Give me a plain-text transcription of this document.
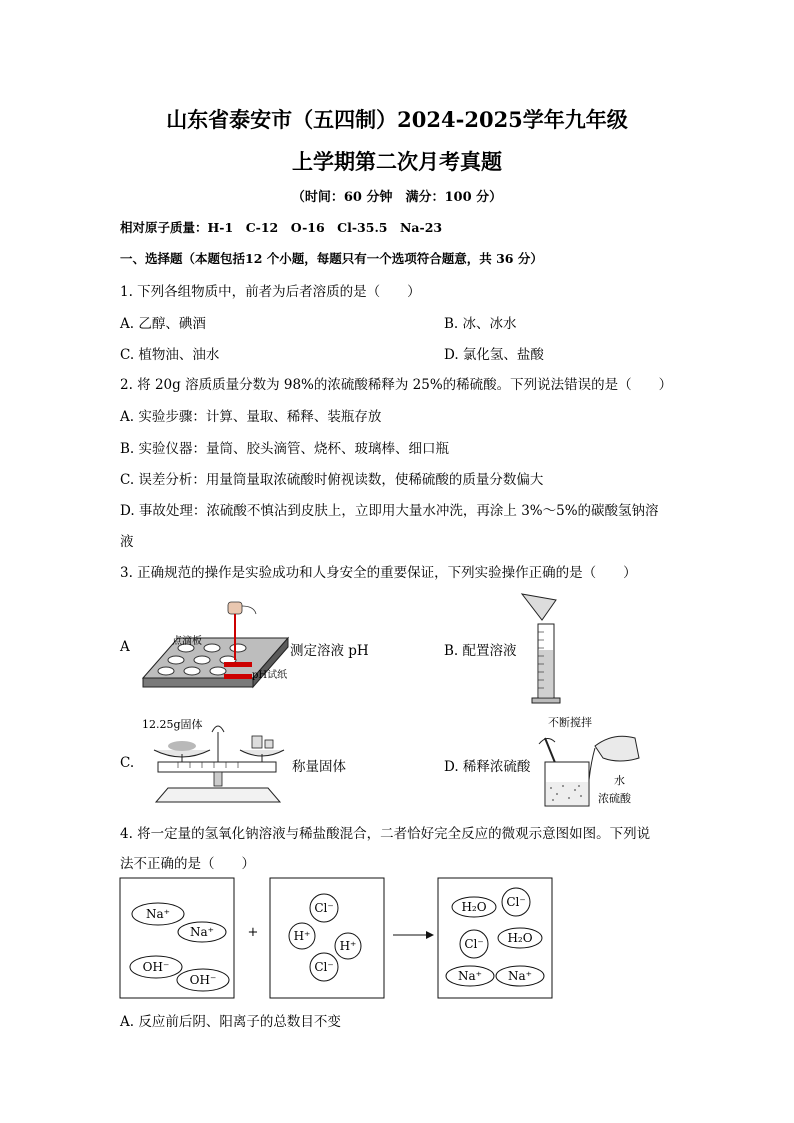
山东省泰安市（五四制）2024-2025学年九年级
上学期第二次月考真题
（时间：60 分钟　满分：100 分）
相对原子质量：H-1　C-12　O-16　Cl-35.5　Na-23
一、选择题（本题包括12 个小题，每题只有一个选项符合题意，共 36 分）
1. 下列各组物质中，前者为后者溶质的是（　　）
A. 乙醇、碘酒	B. 冰、冰水
C. 植物油、油水	D. 氯化氢、盐酸
2. 将 20g 溶质质量分数为 98%的浓硫酸稀释为 25%的稀硫酸。下列说法错误的是（　　）
A. 实验步骤：计算、量取、稀释、装瓶存放
B. 实验仪器：量筒、胶头滴管、烧杯、玻璃棒、细口瓶
C. 误差分析：用量筒量取浓硫酸时俯视读数，使稀硫酸的质量分数偏大
D. 事故处理：浓硫酸不慎沾到皮肤上，立即用大量水冲洗，再涂上 3%～5%的碳酸氢钠溶
液
3. 正确规范的操作是实验成功和人身安全的重要保证，下列实验操作正确的是（　　）
A	点滴板
pH试纸
测定溶液 pH	B. 配置溶液
C.
12.25g固体
称量固体	D. 稀释浓硫酸
不断搅拌
水
浓硫酸
4. 将一定量的氢氧化钠溶液与稀盐酸混合，二者恰好完全反应的微观示意图如图。下列说
法不正确的是（　　）
Na⁺
Na⁺
OH⁻
OH⁻
+
Cl⁻
H⁺
H⁺
Cl⁻
H₂O Cl⁻
Cl⁻ H₂O
Na⁺ Na⁺
A. 反应前后阴、阳离子的总数目不变
